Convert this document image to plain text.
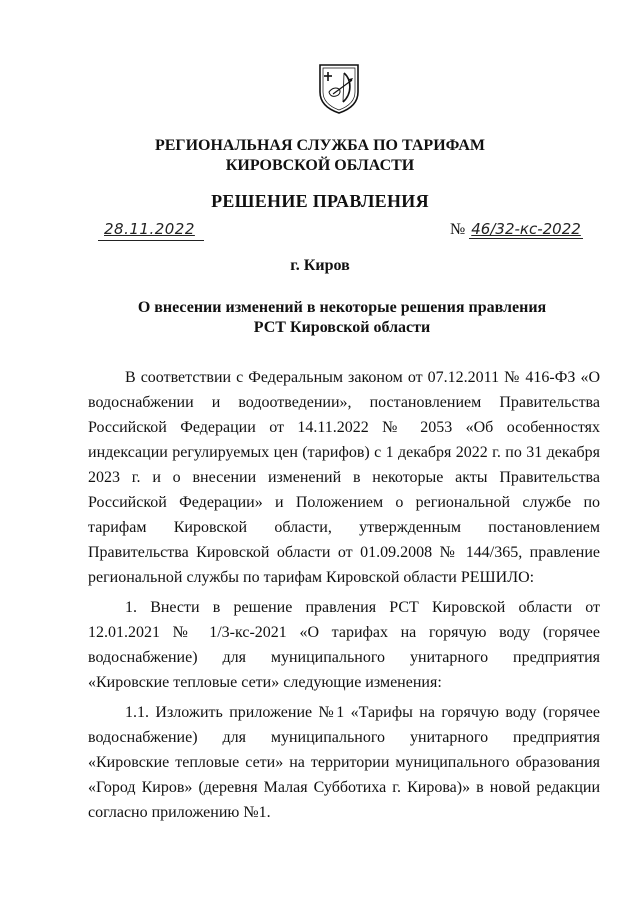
РЕГИОНАЛЬНАЯ СЛУЖБА ПО ТАРИФАМ
КИРОВСКОЙ ОБЛАСТИ
РЕШЕНИЕ ПРАВЛЕНИЯ
28.11.2022	№ 46/32-кс-2022
г. Киров
О внесении изменений в некоторые решения правления РСТ Кировской области

В соответствии с Федеральным законом от 07.12.2011 № 416-ФЗ «О водоснабжении и водоотведении», постановлением Правительства Российской Федерации от 14.11.2022 № 2053 «Об особенностях индексации регулируемых цен (тарифов) с 1 декабря 2022 г. по 31 декабря 2023 г. и о внесении изменений в некоторые акты Правительства Российской Федерации» и Положением о региональной службе по тарифам Кировской области, утвержденным постановлением Правительства Кировской области от 01.09.2008 № 144/365, правление региональной службы по тарифам Кировской области РЕШИЛО:

1. Внести в решение правления РСТ Кировской области от 12.01.2021 № 1/3-кс-2021 «О тарифах на горячую воду (горячее водоснабжение) для муниципального унитарного предприятия «Кировские тепловые сети» следующие изменения:

1.1. Изложить приложение №1 «Тарифы на горячую воду (горячее водоснабжение) для муниципального унитарного предприятия «Кировские тепловые сети» на территории муниципального образования «Город Киров» (деревня Малая Субботиха г. Кирова)» в новой редакции согласно приложению №1.
